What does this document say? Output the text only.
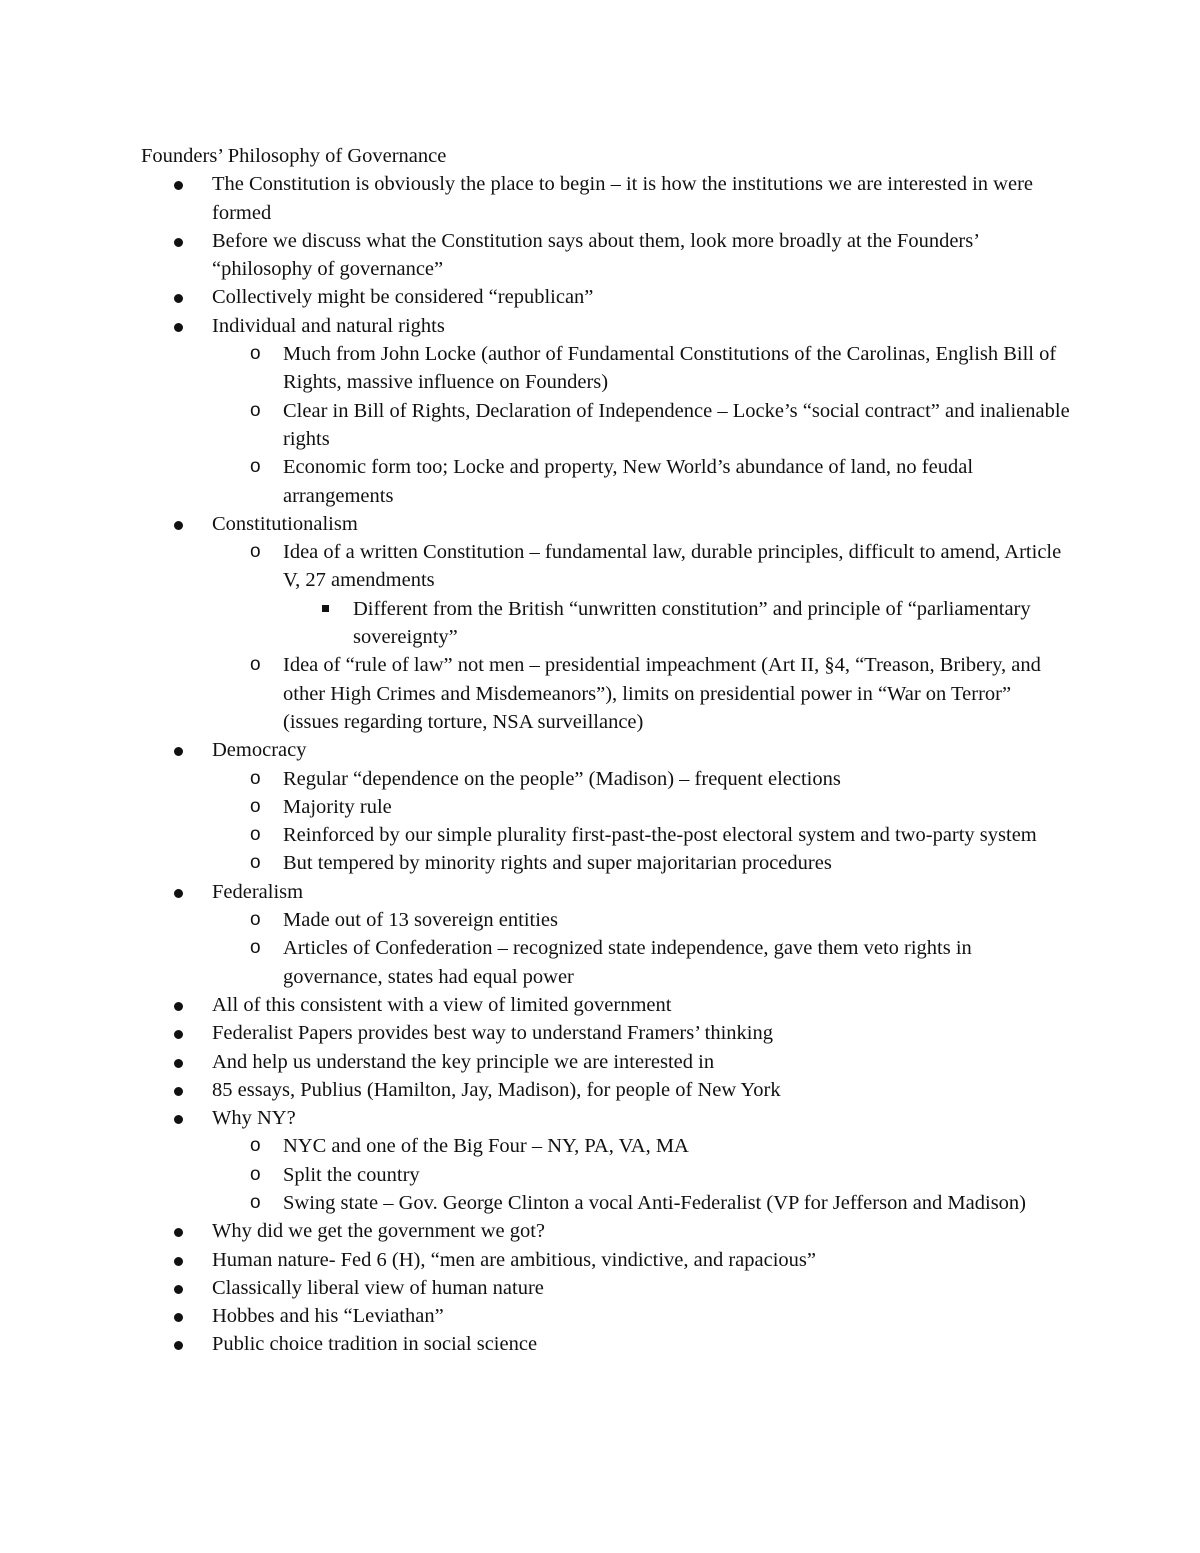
Founders’ Philosophy of Governance

The Constitution is obviously the place to begin – it is how the institutions we are interested in were formed
Before we discuss what the Constitution says about them, look more broadly at the Founders’ “philosophy of governance”
Collectively might be considered “republican”
Individual and natural rights
o Much from John Locke (author of Fundamental Constitutions of the Carolinas, English Bill of Rights, massive influence on Founders)
o Clear in Bill of Rights, Declaration of Independence – Locke’s “social contract” and inalienable rights
o Economic form too; Locke and property, New World’s abundance of land, no feudal arrangements
Constitutionalism
o Idea of a written Constitution – fundamental law, durable principles, difficult to amend, Article V, 27 amendments
Different from the British “unwritten constitution” and principle of “parliamentary sovereignty”
o Idea of “rule of law” not men – presidential impeachment (Art II, §4, “Treason, Bribery, and other High Crimes and Misdemeanors”), limits on presidential power in “War on Terror” (issues regarding torture, NSA surveillance)
Democracy
o Regular “dependence on the people” (Madison) – frequent elections
o Majority rule
o Reinforced by our simple plurality first-past-the-post electoral system and two-party system
o But tempered by minority rights and super majoritarian procedures
Federalism
o Made out of 13 sovereign entities
o Articles of Confederation – recognized state independence, gave them veto rights in governance, states had equal power
All of this consistent with a view of limited government
Federalist Papers provides best way to understand Framers’ thinking
And help us understand the key principle we are interested in
85 essays, Publius (Hamilton, Jay, Madison), for people of New York
Why NY?
o NYC and one of the Big Four – NY, PA, VA, MA
o Split the country
o Swing state – Gov. George Clinton a vocal Anti-Federalist (VP for Jefferson and Madison)
Why did we get the government we got?
Human nature- Fed 6 (H), “men are ambitious, vindictive, and rapacious”
Classically liberal view of human nature
Hobbes and his “Leviathan”
Public choice tradition in social science
